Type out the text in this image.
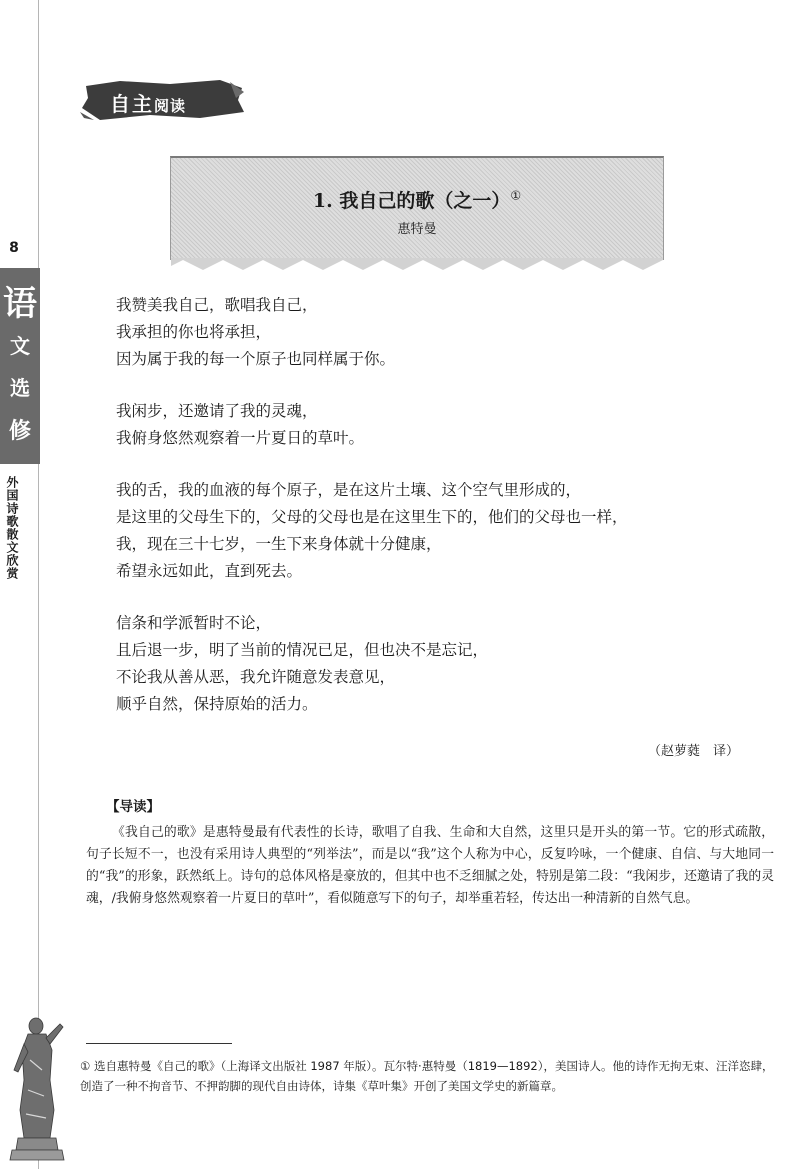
自主阅读
1. 我自己的歌（之一）①
惠特曼
8
语
文
选
修
外国诗歌散文欣赏
我赞美我自己，歌唱我自己，
我承担的你也将承担，
因为属于我的每一个原子也同样属于你。
我闲步，还邀请了我的灵魂，
我俯身悠然观察着一片夏日的草叶。
我的舌，我的血液的每个原子，是在这片土壤、这个空气里形成的，
是这里的父母生下的，父母的父母也是在这里生下的，他们的父母也一样，
我，现在三十七岁，一生下来身体就十分健康，
希望永远如此，直到死去。
信条和学派暂时不论，
且后退一步，明了当前的情况已足，但也决不是忘记，
不论我从善从恶，我允许随意发表意见，
顺乎自然，保持原始的活力。
（赵萝蕤　译）
【导读】
《我自己的歌》是惠特曼最有代表性的长诗，歌唱了自我、生命和大自然，这里只是开头的第一节。它的形式疏散，句子长短不一，也没有采用诗人典型的“列举法”，而是以“我”这个人称为中心，反复吟咏，一个健康、自信、与大地同一的“我”的形象，跃然纸上。诗句的总体风格是豪放的，但其中也不乏细腻之处，特别是第二段：“我闲步，还邀请了我的灵魂，/我俯身悠然观察着一片夏日的草叶”，看似随意写下的句子，却举重若轻，传达出一种清新的自然气息。
① 选自惠特曼《自己的歌》（上海译文出版社 1987 年版）。瓦尔特·惠特曼（1819—1892），美国诗人。他的诗作无拘无束、汪洋恣肆，创造了一种不拘音节、不押韵脚的现代自由诗体，诗集《草叶集》开创了美国文学史的新篇章。
